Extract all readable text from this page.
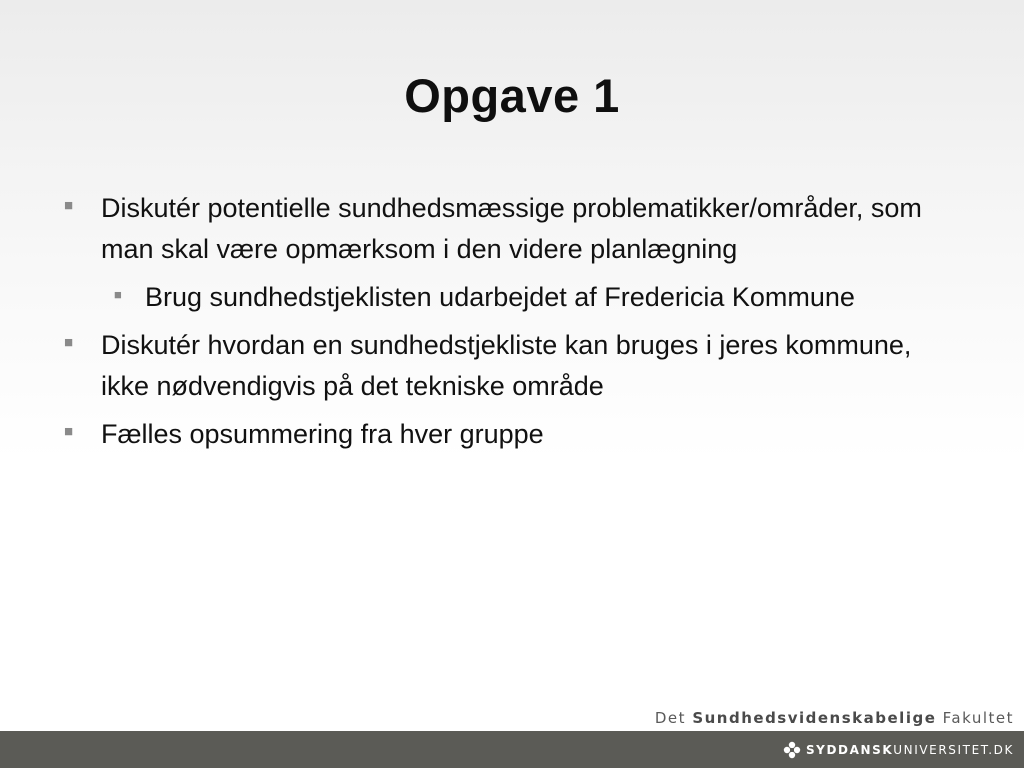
Opgave 1
■ Diskutér potentielle sundhedsmæssige problematikker/områder, som man skal være opmærksom i den videre planlægning
■ Brug sundhedstjeklisten udarbejdet af Fredericia Kommune
■ Diskutér hvordan en sundhedstjekliste kan bruges i jeres kommune, ikke nødvendigvis på det tekniske område
■ Fælles opsummering fra hver gruppe
Det Sundhedsvidenskabelige Fakultet
SYDDANSK UNIVERSITET.DK
